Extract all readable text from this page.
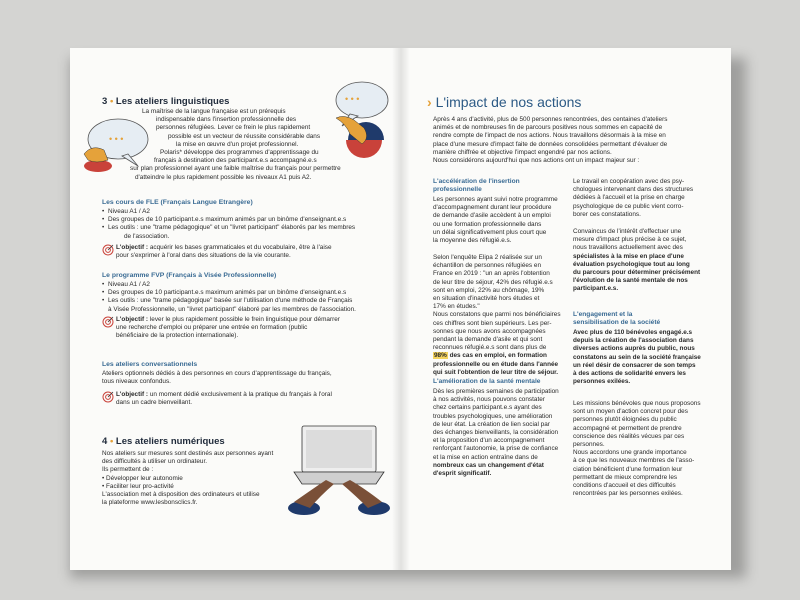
• • •
• • •
3 • Les ateliers linguistiques
La maîtrise de la langue française est un prérequis
indispensable dans l'insertion professionnelle des
personnes réfugiées. Lever ce frein le plus rapidement
possible est un vecteur de réussite considérable dans
la mise en œuvre d'un projet professionnel.
Polaris* développe des programmes d'apprentissage du
français à destination des participant.e.s accompagné.e.s
sur plan professionnel ayant une faible maîtrise du français pour permettre
d'atteindre le plus rapidement possible les niveaux A1 puis A2.
Les cours de FLE (Français Langue Etrangère)
• Niveau A1 / A2
• Des groupes de 10 participant.e.s maximum animés par un binôme d'enseignant.e.s
• Les outils : une "trame pédagogique" et un "livret participant" élaborés par les membres
de l'association.
L'objectif : acquérir les bases grammaticales et du vocabulaire, être à l'aise
pour s'exprimer à l'oral dans des situations de la vie courante.
Le programme FVP (Français à Visée Professionnelle)
• Niveau A1 / A2
• Des groupes de 10 participant.e.s maximum animés par un binôme d'enseignant.e.s
• Les outils : une "trame pédagogique" basée sur l'utilisation d'une méthode de Français
à Visée Professionnelle, un "livret participant" élaboré par les membres de l'association.
L'objectif : lever le plus rapidement possible le frein linguistique pour démarrer
une recherche d'emploi ou préparer une entrée en formation (public
bénéficiaire de la protection internationale).
Les ateliers conversationnels
Ateliers optionnels dédiés à des personnes en cours d'apprentissage du français,
tous niveaux confondus.
L'objectif : un moment dédié exclusivement à la pratique du français à l'oral
dans un cadre bienveillant.
4 • Les ateliers numériques
Nos ateliers sur mesures sont destinés aux personnes ayant
des difficultés à utiliser un ordinateur.
Ils permettent de :
• Développer leur autonomie
• Faciliter leur pro-activité
L'association met à disposition des ordinateurs et utilise
la plateforme www.lesbonsclics.fr.
› L'impact de nos actions
Après 4 ans d'activité, plus de 500 personnes rencontrées, des centaines d'ateliers
animés et de nombreuses fin de parcours positives nous sommes en capacité de
rendre compte de l'impact de nos actions. Nous travaillons désormais à la mise en
place d'une mesure d'impact faite de données consolidées permettant d'évaluer de
manière chiffrée et objective l'impact engendré par nos actions.
Nous considérons aujourd'hui que nos actions ont un impact majeur sur :
L'accélération de l'insertion
professionnelle
Les personnes ayant suivi notre programme
d'accompagnement durant leur procédure
de demande d'asile accèdent à un emploi
ou une formation professionnelle dans
un délai significativement plus court que
la moyenne des réfugié.e.s.
Selon l'enquête Elipa 2 réalisée sur un
échantillon de personnes réfugiées en
France en 2019 : "un an après l'obtention
de leur titre de séjour, 42% des réfugié.e.s
sont en emploi, 22% au chômage, 19%
en situation d'inactivité hors études et
17% en études."
Nous constatons que parmi nos bénéficiaires
ces chiffres sont bien supérieurs. Les per-
sonnes que nous avons accompagnées
pendant la demande d'asile et qui sont
reconnues réfugié.e.s sont dans plus de
98% des cas en emploi, en formation
professionnelle ou en étude dans l'année
qui suit l'obtention de leur titre de séjour.
L'amélioration de la santé mentale
Dès les premières semaines de participation
à nos activités, nous pouvons constater
chez certains participant.e.s ayant des
troubles psychologiques, une amélioration
de leur état. La création de lien social par
des échanges bienveillants, la considération
et la proposition d'un accompagnement
renforçant l'autonomie, la prise de confiance
et la mise en action entraîne dans de
nombreux cas un changement d'état
d'esprit significatif.
Le travail en coopération avec des psy-
chologues intervenant dans des structures
dédiées à l'accueil et la prise en charge
psychologique de ce public vient corro-
borer ces constatations.
Convaincus de l'intérêt d'effectuer une
mesure d'impact plus précise à ce sujet,
nous travaillons actuellement avec des
spécialistes à la mise en place d'une
évaluation psychologique tout au long
du parcours pour déterminer précisément
l'évolution de la santé mentale de nos
participant.e.s.
L'engagement et la
sensibilisation de la société
Avec plus de 110 bénévoles engagé.e.s
depuis la création de l'association dans
diverses actions auprès du public, nous
constatons au sein de la société française
un réel désir de consacrer de son temps
à des actions de solidarité envers les
personnes exilées.
Les missions bénévoles que nous proposons
sont un moyen d'action concret pour des
personnes plutôt éloignées du public
accompagné et permettent de prendre
conscience des réalités vécues par ces
personnes.
Nous accordons une grande importance
à ce que les nouveaux membres de l'asso-
ciation bénéficient d'une formation leur
permettant de mieux comprendre les
conditions d'accueil et des difficultés
rencontrées par les personnes exilées.
